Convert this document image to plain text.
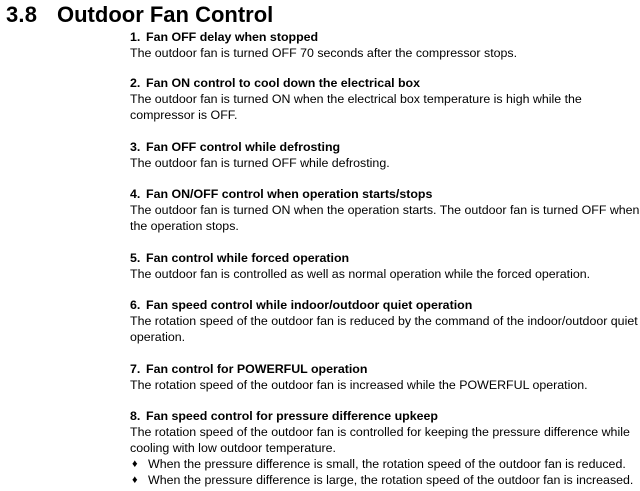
3.8 Outdoor Fan Control
1. Fan OFF delay when stopped
The outdoor fan is turned OFF 70 seconds after the compressor stops.
2. Fan ON control to cool down the electrical box
The outdoor fan is turned ON when the electrical box temperature is high while the compressor is OFF.
3. Fan OFF control while defrosting
The outdoor fan is turned OFF while defrosting.
4. Fan ON/OFF control when operation starts/stops
The outdoor fan is turned ON when the operation starts. The outdoor fan is turned OFF when the operation stops.
5. Fan control while forced operation
The outdoor fan is controlled as well as normal operation while the forced operation.
6. Fan speed control while indoor/outdoor quiet operation
The rotation speed of the outdoor fan is reduced by the command of the indoor/outdoor quiet operation.
7. Fan control for POWERFUL operation
The rotation speed of the outdoor fan is increased while the POWERFUL operation.
8. Fan speed control for pressure difference upkeep
The rotation speed of the outdoor fan is controlled for keeping the pressure difference while cooling with low outdoor temperature.
♦ When the pressure difference is small, the rotation speed of the outdoor fan is reduced.
♦ When the pressure difference is large, the rotation speed of the outdoor fan is increased.
